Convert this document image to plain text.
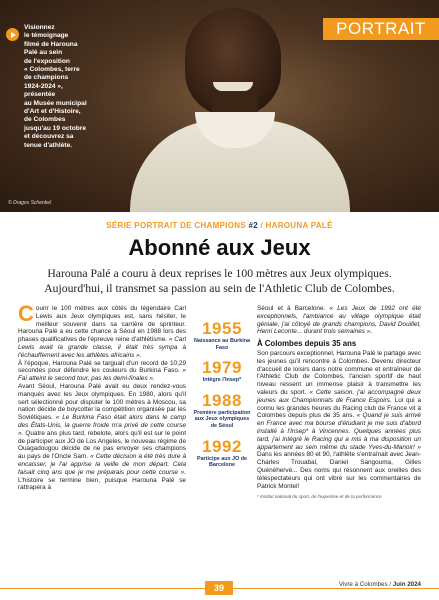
Visionnez
le témoignage
filmé de Harouna
Palé au sein
de l'exposition
« Colombes, terre
de champions
1924-2024 »,
présentée
au Musée municipal
d'Art et d'Histoire,
de Colombes
jusqu'au 19 octobre
et découvrez sa
tenue d'athlète.
PORTRAIT
© Dragos Schenkel
SÉRIE PORTRAIT DE CHAMPIONS #2 / HAROUNA PALÉ
Abonné aux Jeux
Harouna Palé a couru à deux reprises le 100 mètres aux Jeux olympiques. Aujourd'hui, il transmet sa passion au sein de l'Athletic Club de Colombes.
C ourir le 100 mètres aux côtés du légendaire Carl Lewis aux Jeux olympiques est, sans hésiter, le meilleur souvenir dans sa carrière de sprinteur. Harouna Palé a eu cette chance à Séoul en 1988 lors des phases qualificatives de l'épreuve reine d'athlétisme. « Carl Lewis avait la grande classe, il était très sympa à l'échauffement avec les athlètes africains ».
À l'époque, Harouna Palé se targuait d'un record de 10,29 secondes pour défendre les couleurs du Burkina Faso. « Fai atteint le second tour, pas les demi-finales ».
Avant Séoul, Harouna Palé avait eu deux rendez-vous manqués avec les Jeux olympiques. En 1980, alors qu'il sert sélectionné pour disputer le 100 mètres à Moscou, sa nation décide de boycotter la compétition organisée par les Soviétiques. « Le Burkina Faso était alors dans le camp des États-Unis, la guerre froide m'a privé de cette course ». Quatre ans plus tard, rebelote, alors qu'il est sur le point de participer aux JO de Los Angeles, le nouveau régime de Ouagadougou décide de ne pas envoyer ses champions au pays de l'Oncle Sam. « Cette décision a été très dure à encaisser, je l'ai apprise la veille de mon départ. Cela faisait cinq ans que je me préparais pour cette course ». L'histoire se termine bien, puisque Harouna Palé se rattrapera à
1955
Naissance au Burkina Faso
1979
Intègre l'Insep*
1988
Première participation aux Jeux olympiques de Séoul
1992
Participe aux JO de Barcelone
Séoul et à Barcelone. « Les Jeux de 1992 ont été exceptionnels, l'ambiance au village olympique était géniale, j'ai côtoyé de grands champions, David Douillet, Henri Leconte... durant trois semaines ».
À Colombes depuis 35 ans
Son parcours exceptionnel, Harouna Palé le partage avec les jeunes qu'il rencontre à Colombes. Devenu directeur d'accueil de loisirs dans notre commune et entraîneur de l'Athletic Club de Colombes, l'ancien sportif de haut niveau ressent un immense plaisir à transmettre les valeurs du sport. « Cette saison, j'ai accompagné deux jeunes aux Championnats de France Espoirs. Lui qui a connu les grandes heures du Racing club de France vit à Colombes depuis plus de 35 ans. « Quand je suis arrivé en France avec ma bourse d'étudiant je me suis d'abord installé à l'Insep* à Vincennes. Quelques années plus tard, j'ai intégré le Racing qui a mis à ma disposition un appartement au sein même du stade Yves-du-Manoir! » Dans les années 80 et 90, l'athlète s'entraînait avec Jean-Charles Trouabal, Daniel Sangouma, Gilles Quénéhervé... Des noms qui résonnent aux oreilles des téléspectateurs qui ont vibré sur les commentaires de Patrick Montel!
* Institut national du sport, de l'expertise et de la performance
39	Vivre à Colombes / Juin 2024
